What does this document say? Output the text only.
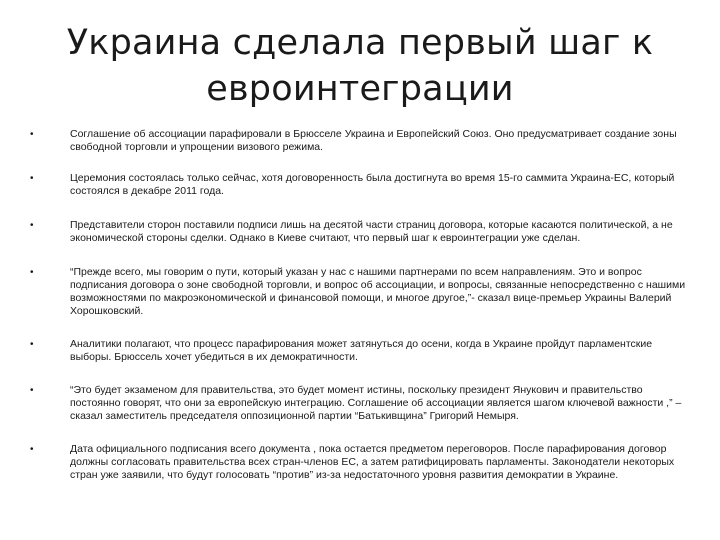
Украина сделала первый шаг к евроинтеграции
•	Соглашение об ассоциации парафировали в Брюсселе Украина и Европейский Союз. Оно предусматривает создание зоны свободной торговли и упрощении визового режима.
•	Церемония состоялась только сейчас, хотя договоренность была достигнута во время 15-го саммита Украина-ЕС, который состоялся в декабре 2011 года.
•	Представители сторон поставили подписи лишь на десятой части страниц договора, которые касаются политической, а не экономической стороны сделки. Однако в Киеве считают, что первый шаг к евроинтеграции уже сделан.
•	“Прежде всего, мы говорим о пути, который указан у нас с нашими партнерами по всем направлениям. Это и вопрос подписания договора о зоне свободной торговли, и вопрос об ассоциации, и вопросы, связанные непосредственно с нашими возможностями по макроэкономической и финансовой помощи, и многое другое,”- сказал вице-премьер Украины Валерий Хорошковский.
•	Аналитики полагают, что процесс парафирования может затянуться до осени, когда в Украине пройдут парламентские выборы. Брюссель хочет убедиться в их демократичности.
•	“Это будет экзаменом для правительства, это будет момент истины, поскольку президент Янукович и правительство постоянно говорят, что они за европейскую интеграцию. Соглашение об ассоциации является шагом ключевой важности ,” – сказал заместитель председателя оппозиционной партии “Батькивщина” Григорий Немыря.
•	Дата официального подписания всего документа , пока остается предметом переговоров. После парафирования договор должны согласовать правительства всех стран-членов ЕС, а затем ратифицировать парламенты. Законодатели некоторых стран уже заявили, что будут голосовать “против” из-за недостаточного уровня развития демократии в Украине.
